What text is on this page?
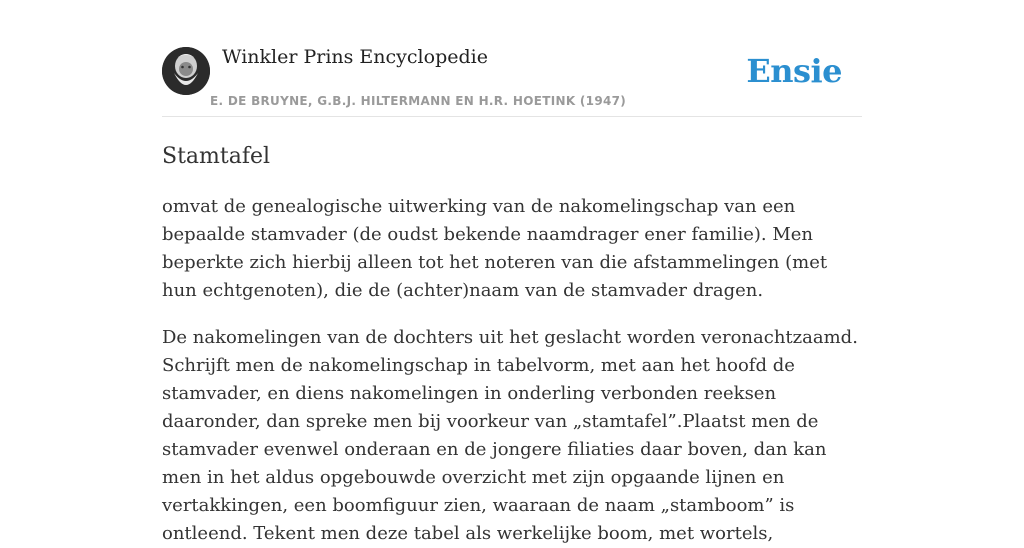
Winkler Prins Encyclopedie
E. DE BRUYNE, G.B.J. HILTERMANN EN H.R. HOETINK (1947)
Ensie
Stamtafel

omvat de genealogische uitwerking van de nakomelingschap van een bepaalde stamvader (de oudst bekende naamdrager ener familie). Men beperkte zich hierbij alleen tot het noteren van die afstammelingen (met hun echtgenoten), die de (achter)naam van de stamvader dragen.

De nakomelingen van de dochters uit het geslacht worden veronachtzaamd. Schrijft men de nakomelingschap in tabelvorm, met aan het hoofd de stamvader, en diens nakomelingen in onderling verbonden reeksen daaronder, dan spreke men bij voorkeur van „stamtafel”.Plaatst men de stamvader evenwel onderaan en de jongere filiaties daar boven, dan kan men in het aldus opgebouwde overzicht met zijn opgaande lijnen en vertakkingen, een boomfiguur zien, waaraan de naam „stamboom” is ontleend. Tekent men deze tabel als werkelijke boom, met wortels,
